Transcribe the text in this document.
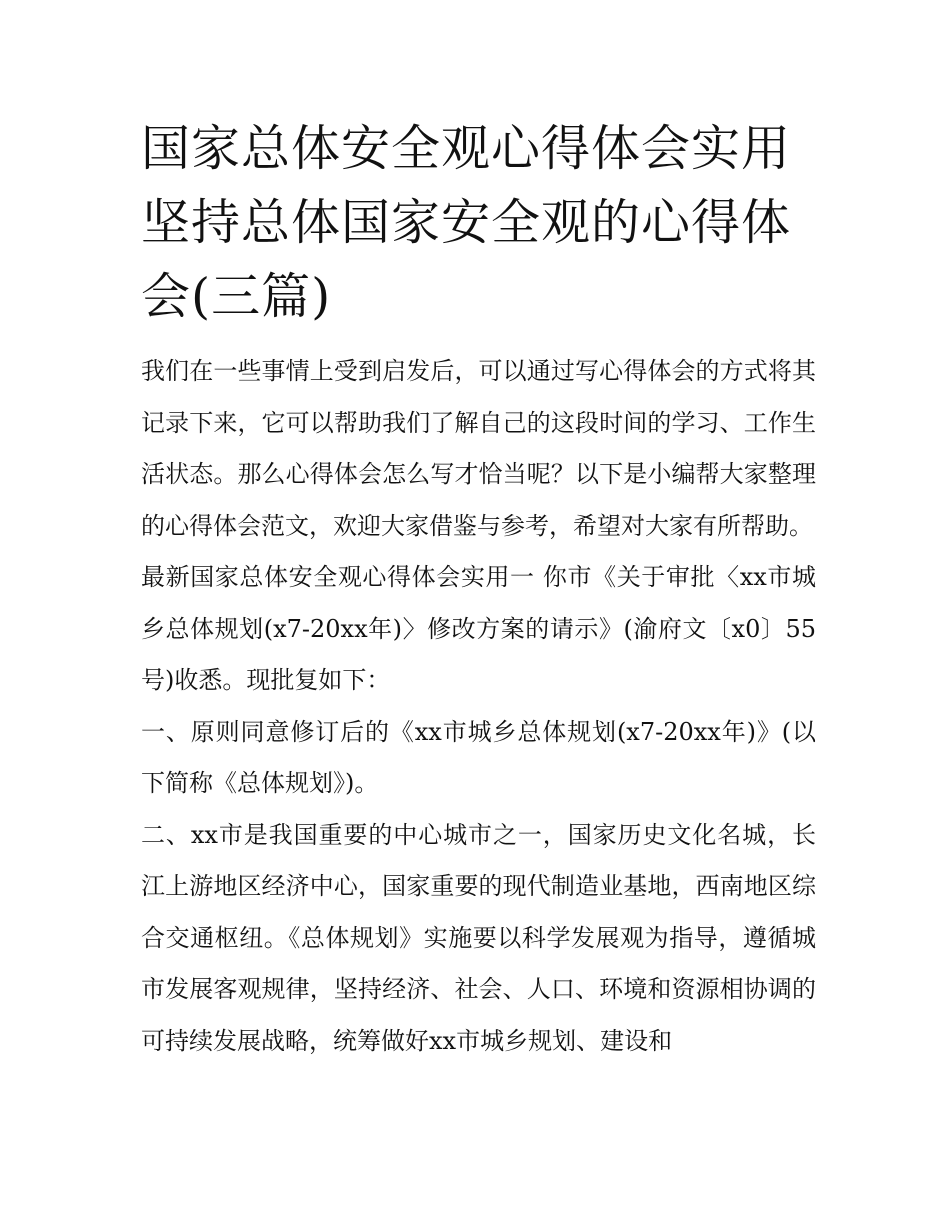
国家总体安全观心得体会实用坚持总体国家安全观的心得体会(三篇)

我们在一些事情上受到启发后，可以通过写心得体会的方式将其记录下来，它可以帮助我们了解自己的这段时间的学习、工作生活状态。那么心得体会怎么写才恰当呢？以下是小编帮大家整理的心得体会范文，欢迎大家借鉴与参考，希望对大家有所帮助。

最新国家总体安全观心得体会实用一 你市《关于审批〈xx市城乡总体规划(x7-20xx年)〉修改方案的请示》(渝府文〔x0〕55号)收悉。现批复如下：

一、原则同意修订后的《xx市城乡总体规划(x7-20xx年)》(以下简称《总体规划》)。

二、xx市是我国重要的中心城市之一，国家历史文化名城，长江上游地区经济中心，国家重要的现代制造业基地，西南地区综合交通枢纽。《总体规划》实施要以科学发展观为指导，遵循城市发展客观规律，坚持经济、社会、人口、环境和资源相协调的可持续发展战略，统筹做好xx市城乡规划、建设和
